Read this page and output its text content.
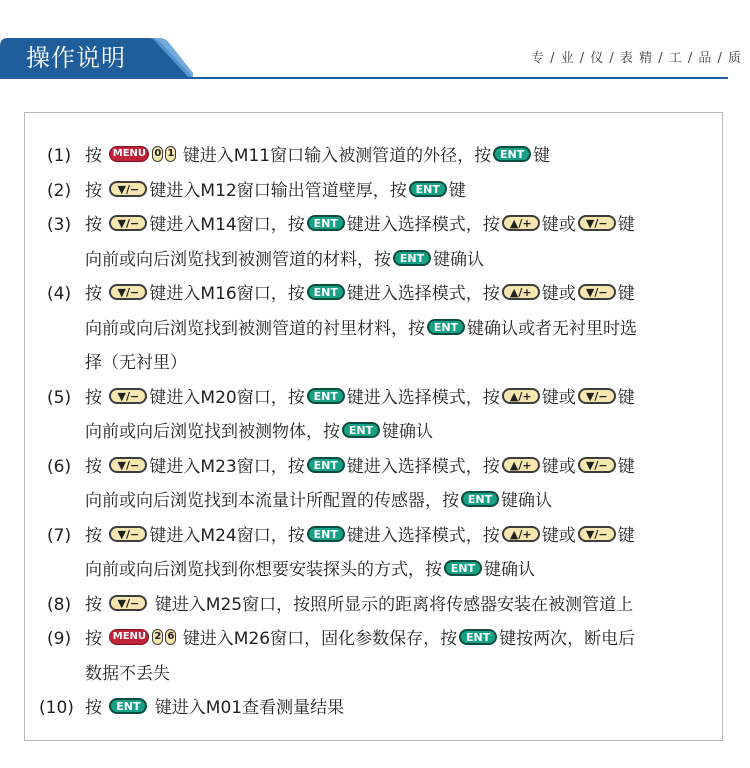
操作说明	专 / 业 / 仪 / 表 精 / 工 / 品 / 质
(1) 按 MENU 0 1 键进入M11窗口输入被测管道的外径，按 ENT 键
(2) 按 ▼/− 键进入M12窗口输出管道壁厚，按 ENT 键
(3) 按 ▼/− 键进入M14窗口，按 ENT 键进入选择模式，按 ▲/+ 键或 ▼/− 键
向前或向后浏览找到被测管道的材料，按 ENT 键确认
(4) 按 ▼/− 键进入M16窗口，按 ENT 键进入选择模式，按 ▲/+ 键或 ▼/− 键
向前或向后浏览找到被测管道的衬里材料，按 ENT 键确认或者无衬里时选
择（无衬里）
(5) 按 ▼/− 键进入M20窗口，按 ENT 键进入选择模式，按 ▲/+ 键或 ▼/− 键
向前或向后浏览找到被测物体，按 ENT 键确认
(6) 按 ▼/− 键进入M23窗口，按 ENT 键进入选择模式，按 ▲/+ 键或 ▼/− 键
向前或向后浏览找到本流量计所配置的传感器，按 ENT 键确认
(7) 按 ▼/− 键进入M24窗口，按 ENT 键进入选择模式，按 ▲/+ 键或 ▼/− 键
向前或向后浏览找到你想要安装探头的方式，按 ENT 键确认
(8) 按 ▼/− 键进入M25窗口，按照所显示的距离将传感器安装在被测管道上
(9) 按 MENU 2 6 键进入M26窗口，固化参数保存，按 ENT 键按两次，断电后
数据不丢失
(10) 按 ENT 键进入M01查看测量结果
